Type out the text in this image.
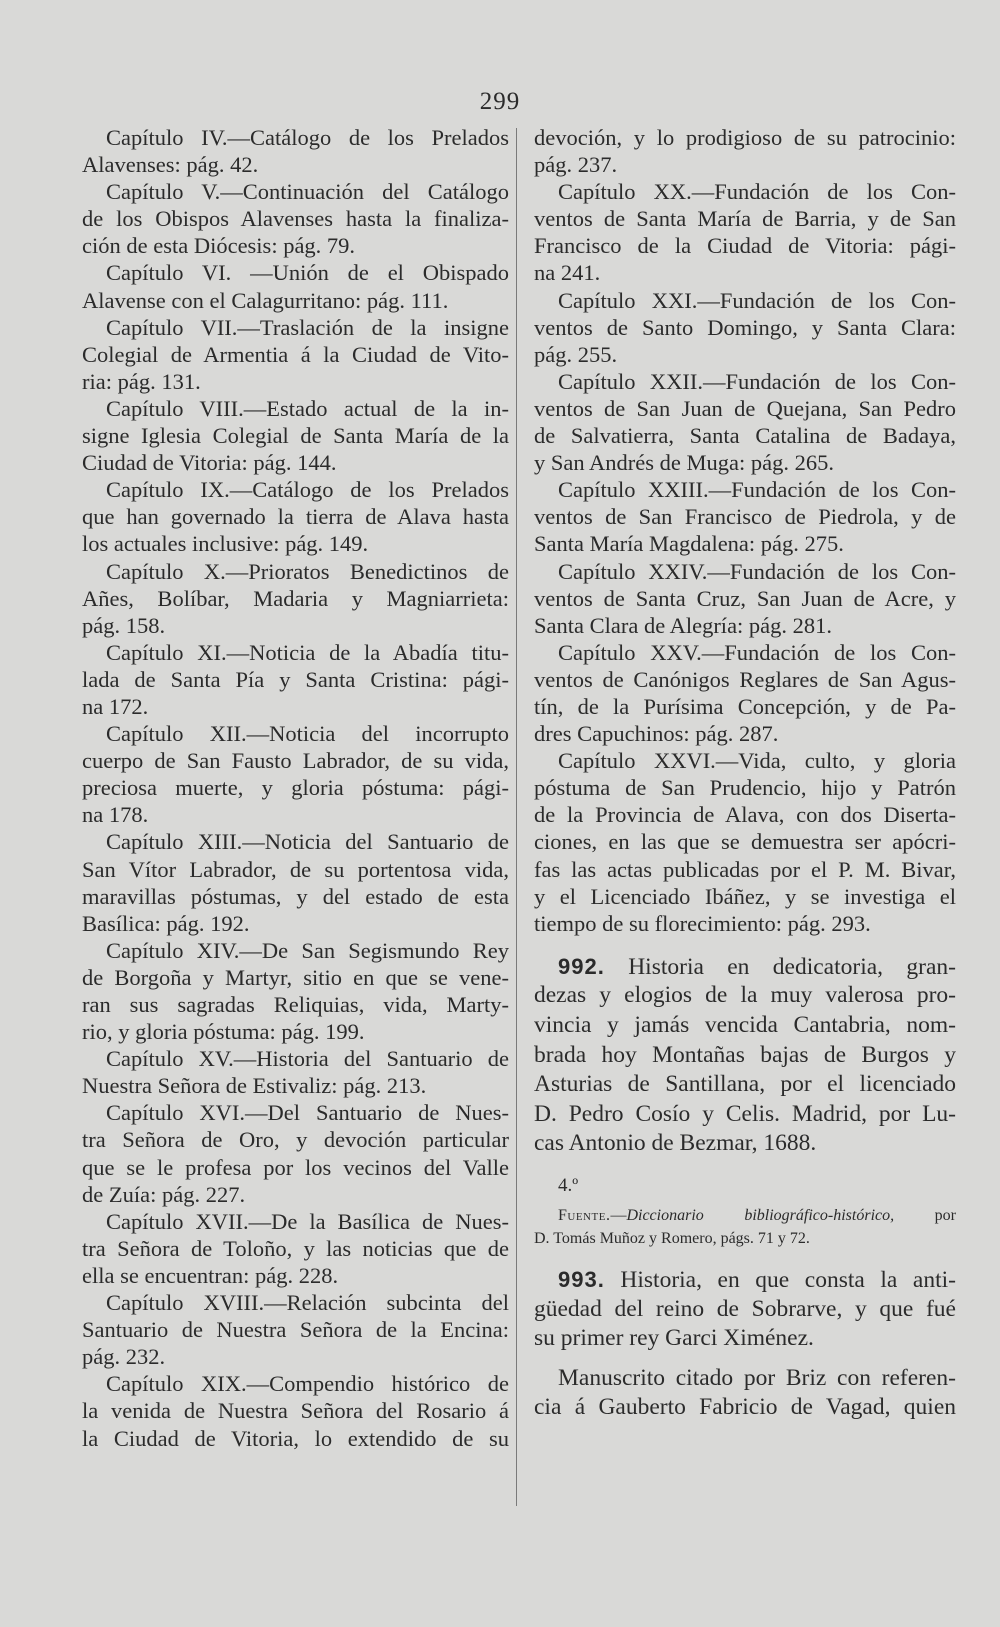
299
Capítulo IV.—Catálogo de los Prelados
Alavenses: pág. 42.
Capítulo V.—Continuación del Catálogo
de los Obispos Alavenses hasta la finaliza-
ción de esta Diócesis: pág. 79.
Capítulo VI. —Unión de el Obispado
Alavense con el Calagurritano: pág. 111.
Capítulo VII.—Traslación de la insigne
Colegial de Armentia á la Ciudad de Vito-
ria: pág. 131.
Capítulo VIII.—Estado actual de la in-
signe Iglesia Colegial de Santa María de la
Ciudad de Vitoria: pág. 144.
Capítulo IX.—Catálogo de los Prelados
que han governado la tierra de Alava hasta
los actuales inclusive: pág. 149.
Capítulo X.—Prioratos Benedictinos de
Añes, Bolíbar, Madaria y Magniarrieta:
pág. 158.
Capítulo XI.—Noticia de la Abadía titu-
lada de Santa Pía y Santa Cristina: pági-
na 172.
Capítulo XII.—Noticia del incorrupto
cuerpo de San Fausto Labrador, de su vida,
preciosa muerte, y gloria póstuma: pági-
na 178.
Capítulo XIII.—Noticia del Santuario de
San Vítor Labrador, de su portentosa vida,
maravillas póstumas, y del estado de esta
Basílica: pág. 192.
Capítulo XIV.—De San Segismundo Rey
de Borgoña y Martyr, sitio en que se vene-
ran sus sagradas Reliquias, vida, Marty-
rio, y gloria póstuma: pág. 199.
Capítulo XV.—Historia del Santuario de
Nuestra Señora de Estivaliz: pág. 213.
Capítulo XVI.—Del Santuario de Nues-
tra Señora de Oro, y devoción particular
que se le profesa por los vecinos del Valle
de Zuía: pág. 227.
Capítulo XVII.—De la Basílica de Nues-
tra Señora de Toloño, y las noticias que de
ella se encuentran: pág. 228.
Capítulo XVIII.—Relación subcinta del
Santuario de Nuestra Señora de la Encina:
pág. 232.
Capítulo XIX.—Compendio histórico de
la venida de Nuestra Señora del Rosario á
la Ciudad de Vitoria, lo extendido de su
devoción, y lo prodigioso de su patrocinio:
pág. 237.
Capítulo XX.—Fundación de los Con-
ventos de Santa María de Barria, y de San
Francisco de la Ciudad de Vitoria: pági-
na 241.
Capítulo XXI.—Fundación de los Con-
ventos de Santo Domingo, y Santa Clara:
pág. 255.
Capítulo XXII.—Fundación de los Con-
ventos de San Juan de Quejana, San Pedro
de Salvatierra, Santa Catalina de Badaya,
y San Andrés de Muga: pág. 265.
Capítulo XXIII.—Fundación de los Con-
ventos de San Francisco de Piedrola, y de
Santa María Magdalena: pág. 275.
Capítulo XXIV.—Fundación de los Con-
ventos de Santa Cruz, San Juan de Acre, y
Santa Clara de Alegría: pág. 281.
Capítulo XXV.—Fundación de los Con-
ventos de Canónigos Reglares de San Agus-
tín, de la Purísima Concepción, y de Pa-
dres Capuchinos: pág. 287.
Capítulo XXVI.—Vida, culto, y gloria
póstuma de San Prudencio, hijo y Patrón
de la Provincia de Alava, con dos Diserta-
ciones, en las que se demuestra ser apócri-
fas las actas publicadas por el P. M. Bivar,
y el Licenciado Ibáñez, y se investiga el
tiempo de su florecimiento: pág. 293.
992. Historia en dedicatoria, gran-
dezas y elogios de la muy valerosa pro-
vincia y jamás vencida Cantabria, nom-
brada hoy Montañas bajas de Burgos y
Asturias de Santillana, por el licenciado
D. Pedro Cosío y Celis. Madrid, por Lu-
cas Antonio de Bezmar, 1688.
4.º
Fuente.—Diccionario bibliográfico-histórico,	por
D. Tomás Muñoz y Romero, págs. 71 y 72.
993. Historia, en que consta la anti-
güedad del reino de Sobrarve, y que fué
su primer rey Garci Ximénez.
Manuscrito citado por Briz con referen-
cia á Gauberto Fabricio de Vagad, quien
